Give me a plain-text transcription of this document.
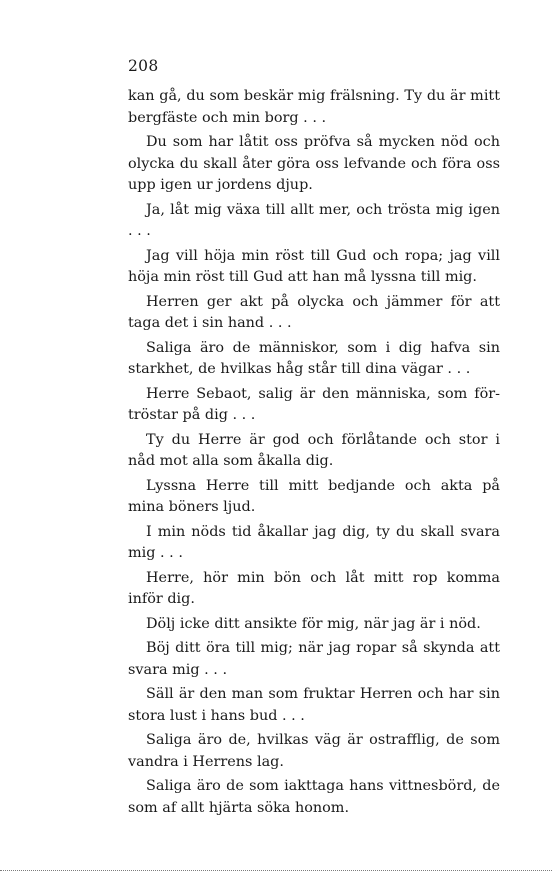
208

kan gå, du som beskär mig frälsning. Ty du är mitt bergfäste och min borg . . .

Du som har låtit oss pröfva så mycken nöd och olycka du skall åter göra oss lefvande och föra oss upp igen ur jordens djup.

Ja, låt mig växa till allt mer, och trösta mig igen . . .

Jag vill höja min röst till Gud och ropa; jag vill höja min röst till Gud att han må lyssna till mig.

Herren ger akt på olycka och jämmer för att taga det i sin hand . . .

Saliga äro de människor, som i dig hafva sin starkhet, de hvilkas håg står till dina vägar . . .

Herre Sebaot, salig är den människa, som förtröstar på dig . . .

Ty du Herre är god och förlåtande och stor i nåd mot alla som åkalla dig.

Lyssna Herre till mitt bedjande och akta på mina böners ljud.

I min nöds tid åkallar jag dig, ty du skall svara mig . . .

Herre, hör min bön och låt mitt rop komma inför dig.

Dölj icke ditt ansikte för mig, när jag är i nöd.

Böj ditt öra till mig; när jag ropar så skynda att svara mig . . .

Säll är den man som fruktar Herren och har sin stora lust i hans bud . . .

Saliga äro de, hvilkas väg är ostrafflig, de som vandra i Herrens lag.

Saliga äro de som iakttaga hans vittnesbörd, de som af allt hjärta söka honom.
